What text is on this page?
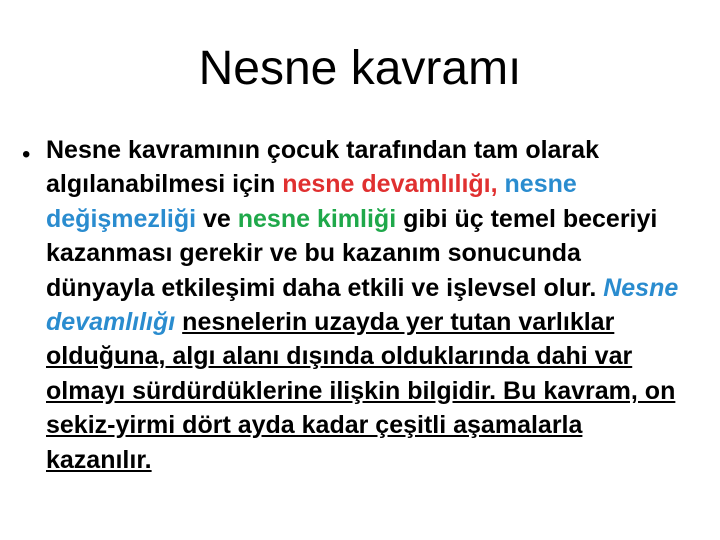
Nesne kavramı
• Nesne kavramının çocuk tarafından tam olarak algılanabilmesi için nesne devamlılığı, nesne değişmezliği ve nesne kimliği gibi üç temel beceriyi kazanması gerekir ve bu kazanım sonucunda dünyayla etkileşimi daha etkili ve işlevsel olur. Nesne devamlılığı nesnelerin uzayda yer tutan varlıklar olduğuna, algı alanı dışında olduklarında dahi var olmayı sürdürdüklerine ilişkin bilgidir. Bu kavram, on sekiz-yirmi dört ayda kadar çeşitli aşamalarla kazanılır.
